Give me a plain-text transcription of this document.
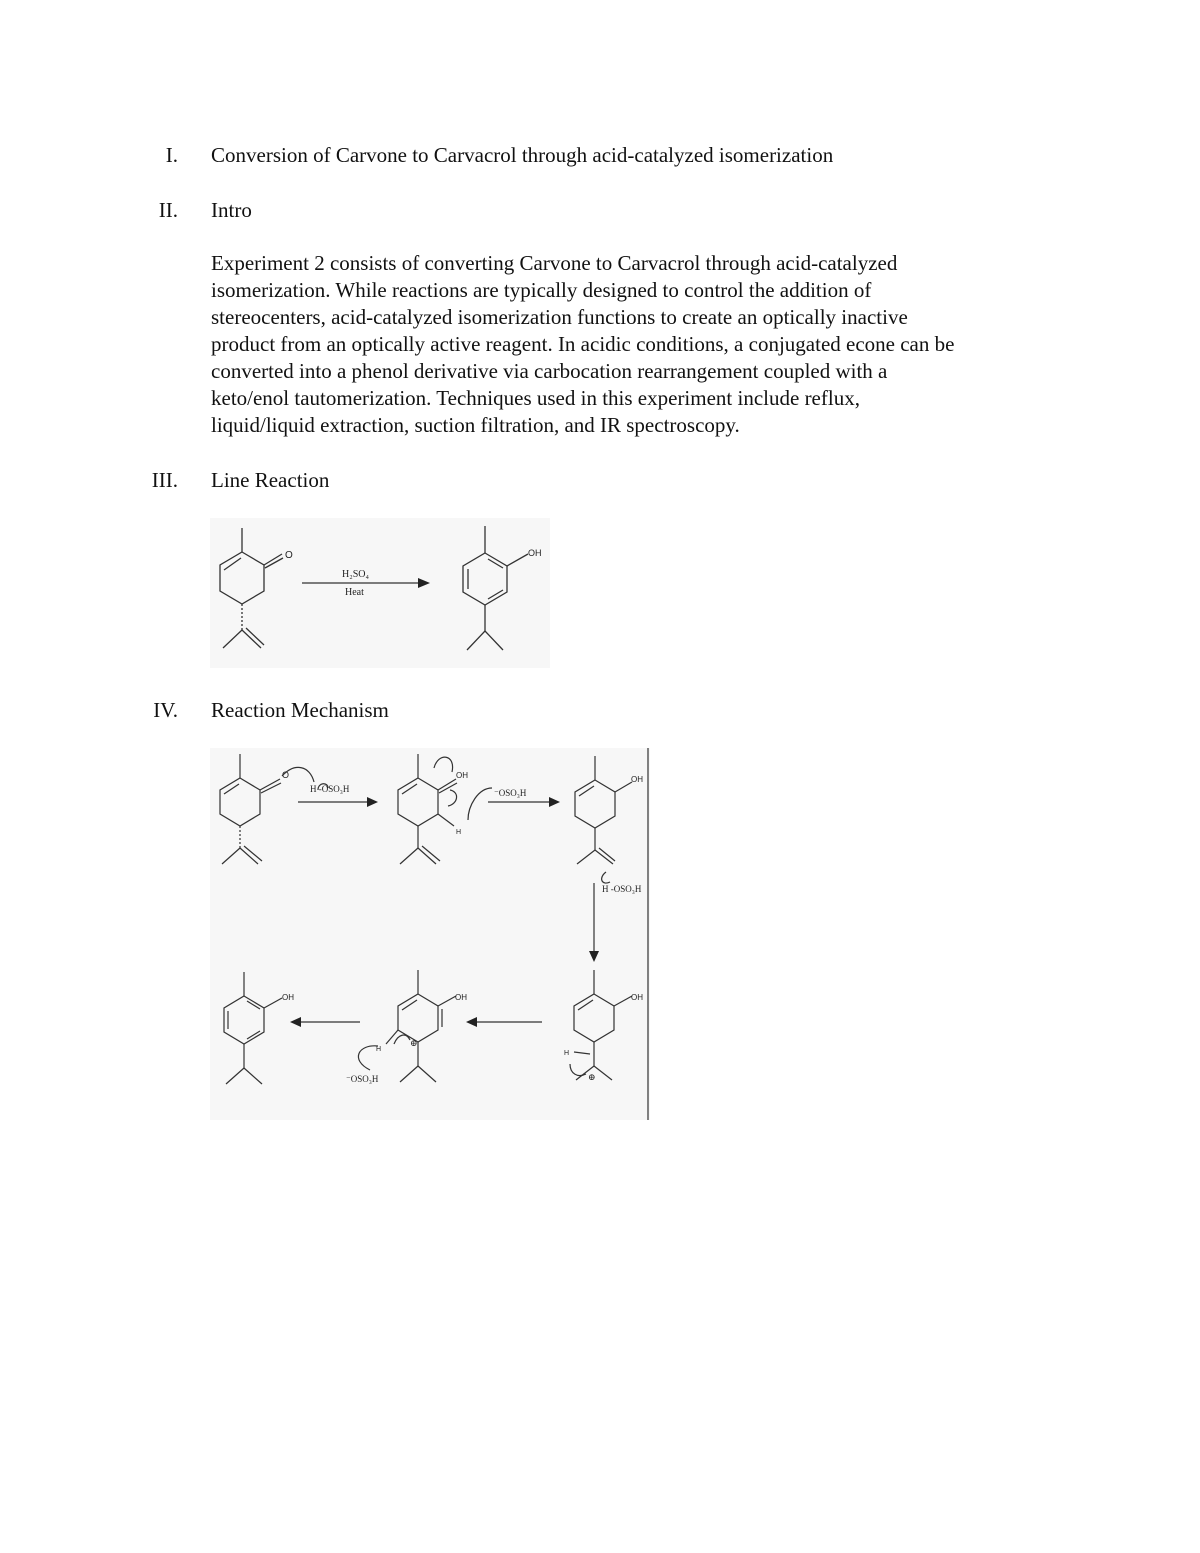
I. Conversion of Carvone to Carvacrol through acid-catalyzed isomerization
II. Intro
Experiment 2 consists of converting Carvone to Carvacrol through acid-catalyzed
isomerization. While reactions are typically designed to control the addition of
stereocenters, acid-catalyzed isomerization functions to create an optically inactive
product from an optically active reagent. In acidic conditions, a conjugated econe can be
converted into a phenol derivative via carbocation rearrangement coupled with a
keto/enol tautomerization. Techniques used in this experiment include reflux,
liquid/liquid extraction, suction filtration, and IR spectroscopy.
III. Line Reaction
O
H₂SO₄
Heat
OH
IV. Reaction Mechanism
O
H -OSO₃H
OH
H
⁻OSO₃H
OH
H -OSO₃H
OH
H
⊕
OH
⊕
H
⁻OSO₃H
OH
